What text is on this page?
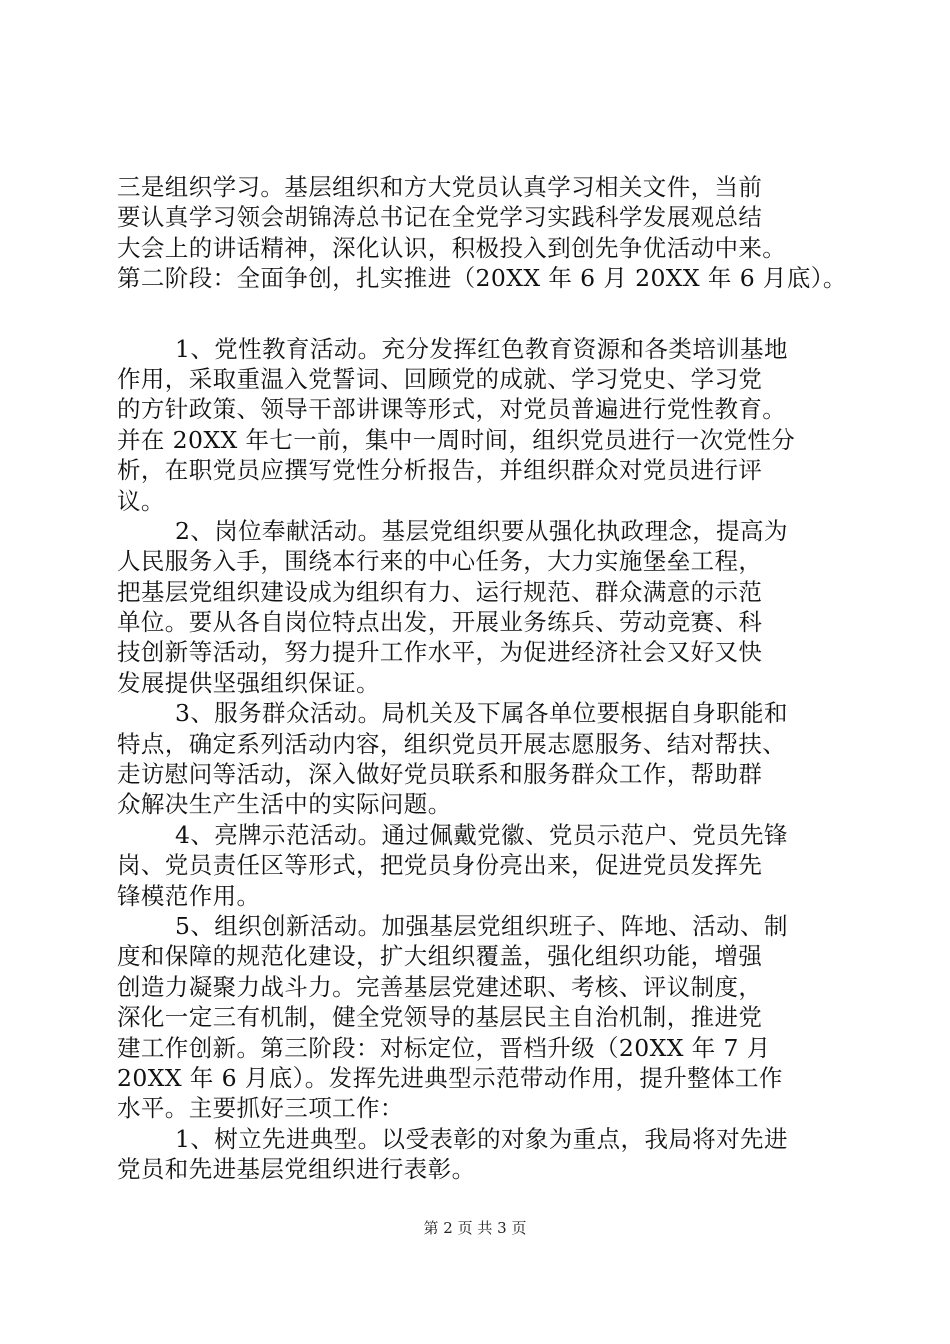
三是组织学习。基层组织和方大党员认真学习相关文件，当前
要认真学习领会胡锦涛总书记在全党学习实践科学发展观总结
大会上的讲话精神，深化认识，积极投入到创先争优活动中来。
第二阶段：全面争创，扎实推进（20XX 年 6 月 20XX 年 6 月底）。
1、党性教育活动。充分发挥红色教育资源和各类培训基地
作用，采取重温入党誓词、回顾党的成就、学习党史、学习党
的方针政策、领导干部讲课等形式，对党员普遍进行党性教育。
并在 20XX 年七一前，集中一周时间，组织党员进行一次党性分
析，在职党员应撰写党性分析报告，并组织群众对党员进行评
议。
2、岗位奉献活动。基层党组织要从强化执政理念，提高为
人民服务入手，围绕本行来的中心任务，大力实施堡垒工程，
把基层党组织建设成为组织有力、运行规范、群众满意的示范
单位。要从各自岗位特点出发，开展业务练兵、劳动竞赛、科
技创新等活动，努力提升工作水平，为促进经济社会又好又快
发展提供坚强组织保证。
3、服务群众活动。局机关及下属各单位要根据自身职能和
特点，确定系列活动内容，组织党员开展志愿服务、结对帮扶、
走访慰问等活动，深入做好党员联系和服务群众工作，帮助群
众解决生产生活中的实际问题。
4、亮牌示范活动。通过佩戴党徽、党员示范户、党员先锋
岗、党员责任区等形式，把党员身份亮出来，促进党员发挥先
锋模范作用。
5、组织创新活动。加强基层党组织班子、阵地、活动、制
度和保障的规范化建设，扩大组织覆盖，强化组织功能，增强
创造力凝聚力战斗力。完善基层党建述职、考核、评议制度，
深化一定三有机制，健全党领导的基层民主自治机制，推进党
建工作创新。第三阶段：对标定位，晋档升级（20XX 年 7 月
20XX 年 6 月底）。发挥先进典型示范带动作用，提升整体工作
水平。主要抓好三项工作：
1、树立先进典型。以受表彰的对象为重点，我局将对先进
党员和先进基层党组织进行表彰。
第 2 页 共 3 页
